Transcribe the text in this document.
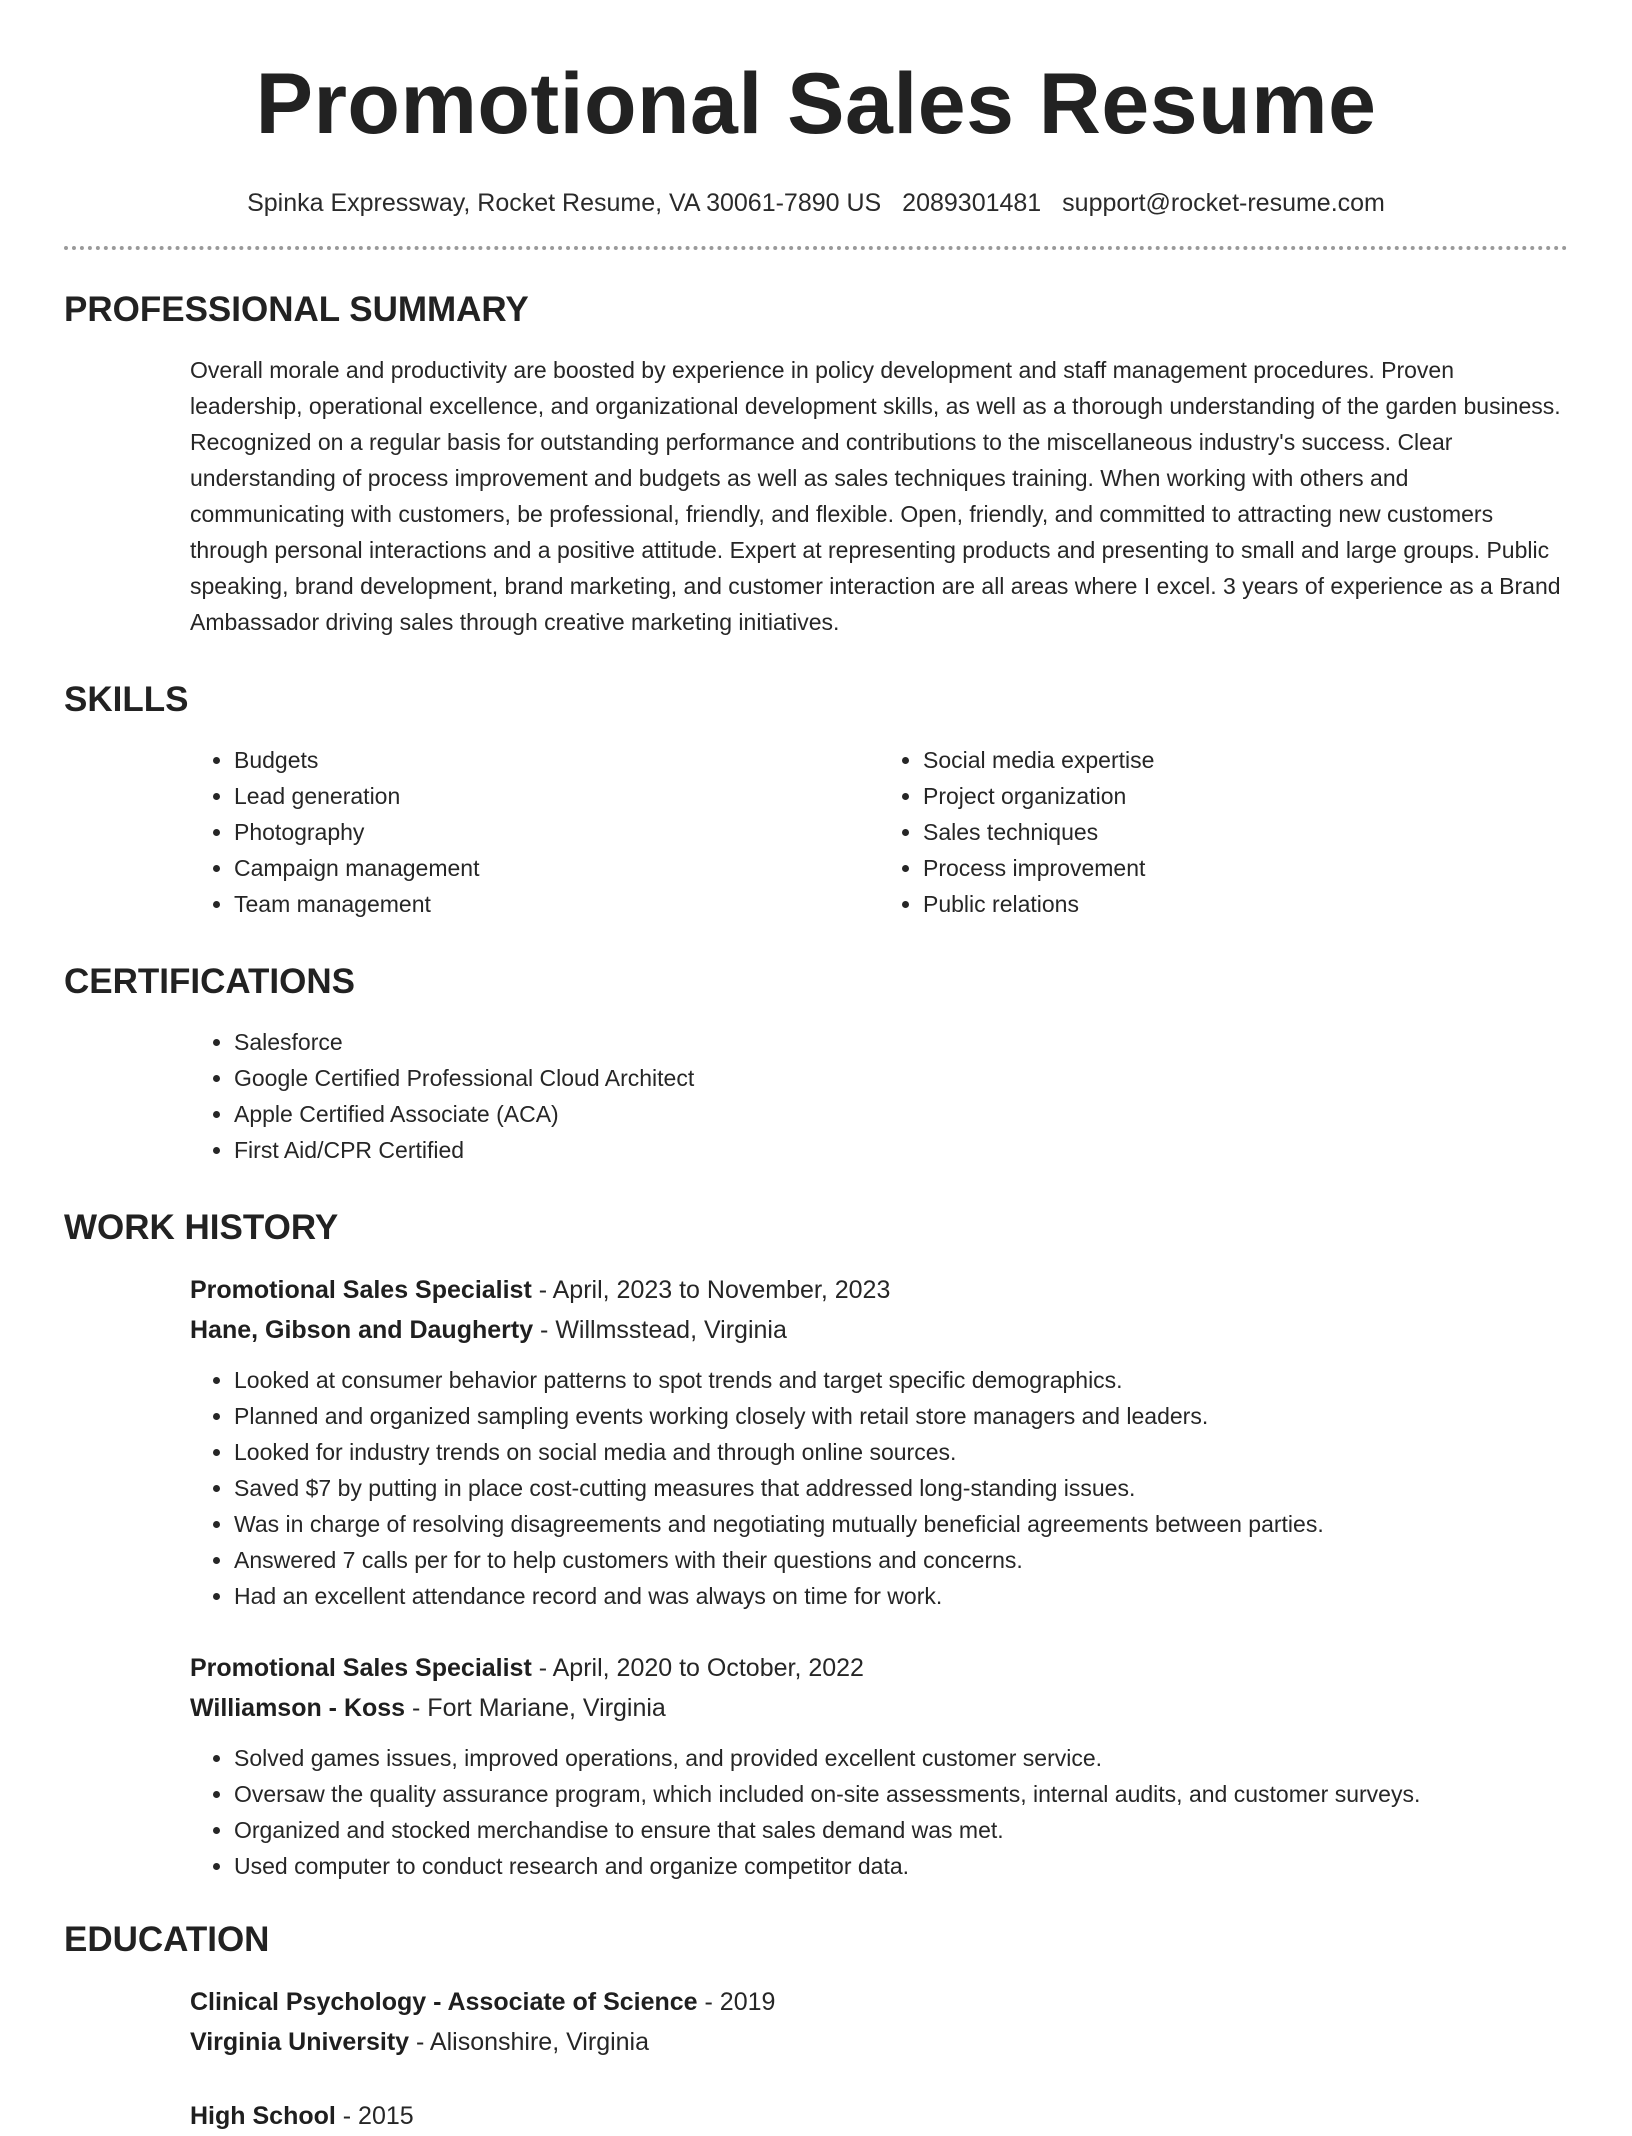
Promotional Sales Resume
Spinka Expressway, Rocket Resume, VA 30061-7890 US 2089301481 support@rocket-resume.com
PROFESSIONAL SUMMARY

Overall morale and productivity are boosted by experience in policy development and staff management procedures. Proven leadership, operational excellence, and organizational development skills, as well as a thorough understanding of the garden business. Recognized on a regular basis for outstanding performance and contributions to the miscellaneous industry's success. Clear understanding of process improvement and budgets as well as sales techniques training. When working with others and communicating with customers, be professional, friendly, and flexible. Open, friendly, and committed to attracting new customers through personal interactions and a positive attitude. Expert at representing products and presenting to small and large groups. Public speaking, brand development, brand marketing, and customer interaction are all areas where I excel. 3 years of experience as a Brand Ambassador driving sales through creative marketing initiatives.

SKILLS
• Budgets
• Lead generation
• Photography
• Campaign management
• Team management
• Social media expertise
• Project organization
• Sales techniques
• Process improvement
• Public relations
CERTIFICATIONS
• Salesforce
• Google Certified Professional Cloud Architect
• Apple Certified Associate (ACA)
• First Aid/CPR Certified
WORK HISTORY
Promotional Sales Specialist - April, 2023 to November, 2023
Hane, Gibson and Daugherty - Willmsstead, Virginia
• Looked at consumer behavior patterns to spot trends and target specific demographics.
• Planned and organized sampling events working closely with retail store managers and leaders.
• Looked for industry trends on social media and through online sources.
• Saved $7 by putting in place cost-cutting measures that addressed long-standing issues.
• Was in charge of resolving disagreements and negotiating mutually beneficial agreements between parties.
• Answered 7 calls per for to help customers with their questions and concerns.
• Had an excellent attendance record and was always on time for work.
Promotional Sales Specialist - April, 2020 to October, 2022
Williamson - Koss - Fort Mariane, Virginia
• Solved games issues, improved operations, and provided excellent customer service.
• Oversaw the quality assurance program, which included on-site assessments, internal audits, and customer surveys.
• Organized and stocked merchandise to ensure that sales demand was met.
• Used computer to conduct research and organize competitor data.
EDUCATION
Clinical Psychology - Associate of Science - 2019
Virginia University - Alisonshire, Virginia
High School - 2015
